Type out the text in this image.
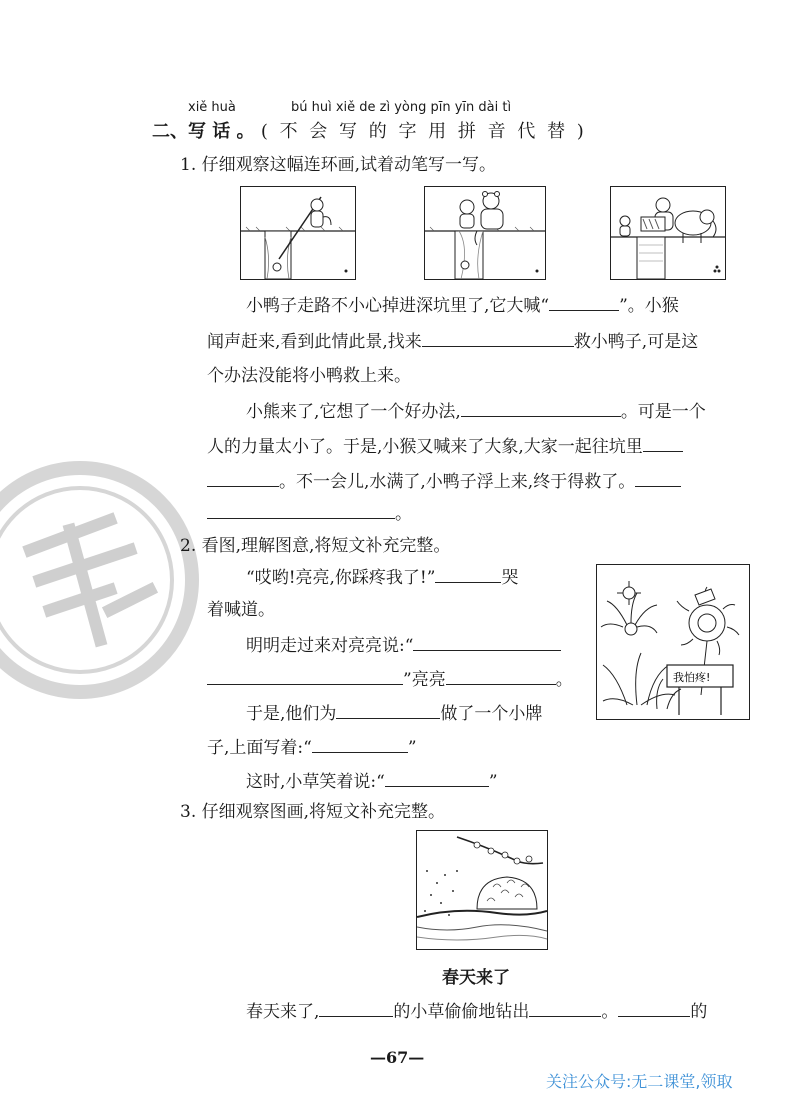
xiě huà	bú huì xiě de zì yòng pīn yīn dài tì
二、写 话 。 ( 不 会 写 的 字 用 拼 音 代 替 )
1. 仔细观察这幅连环画,试着动笔写一写。
小鸭子走路不小心掉进深坑里了,它大喊“	”。小猴
闻声赶来,看到此情此景,找来	救小鸭子,可是这
个办法没能将小鸭救上来。
小熊来了,它想了一个好办法,	。可是一个
人的力量太小了。于是,小猴又喊来了大象,大家一起往坑里
。不一会儿,水满了,小鸭子浮上来,终于得救了。
。
2. 看图,理解图意,将短文补充完整。
我怕疼!
“哎哟!亮亮,你踩疼我了!”	哭
着喊道。
明明走过来对亮亮说:“
”亮亮	。
于是,他们为	做了一个小牌
子,上面写着:“	”
这时,小草笑着说:“	”
3. 仔细观察图画,将短文补充完整。
春天来了
春天来了,	的小草偷偷地钻出	。	的
—67—
关注公众号:无二课堂,领取
